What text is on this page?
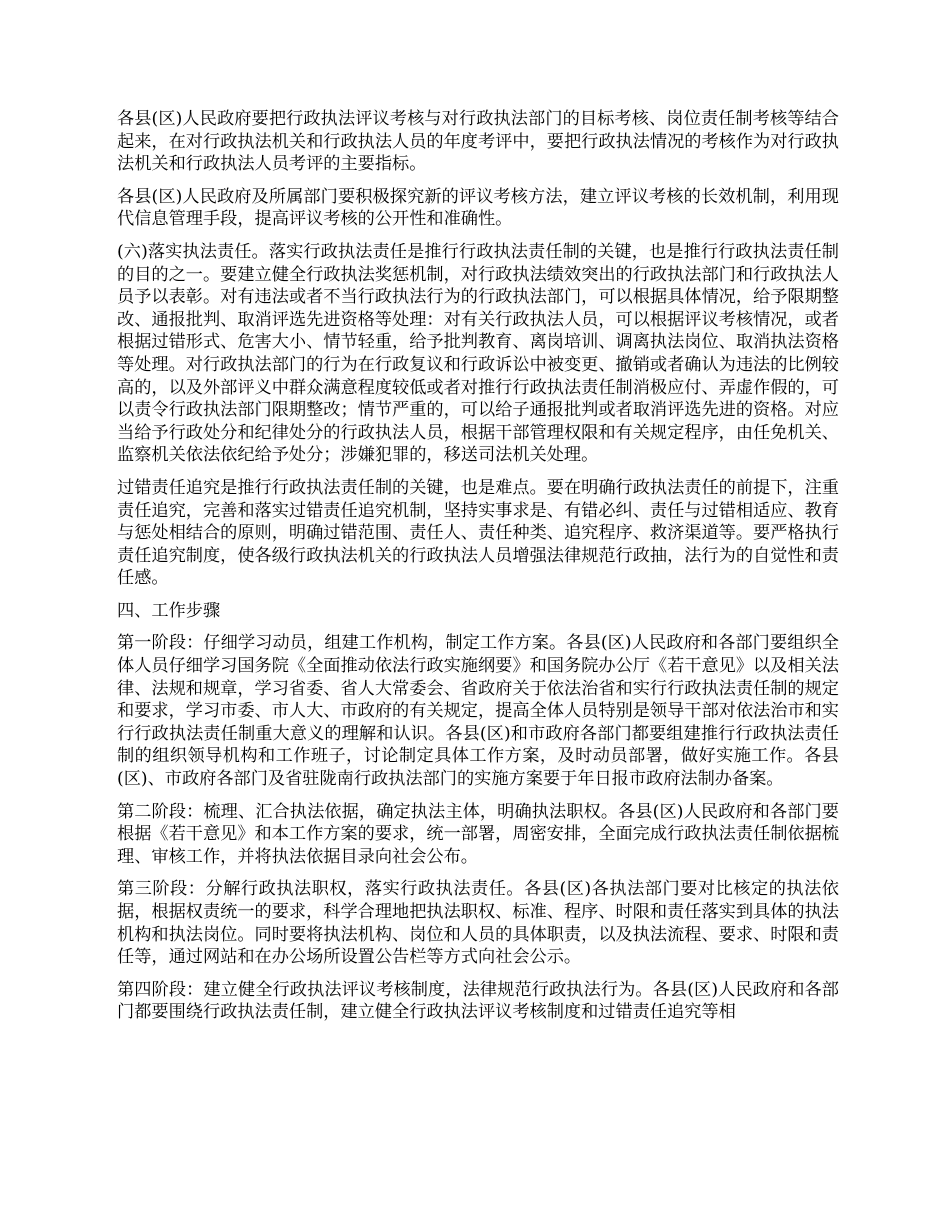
各县(区)人民政府要把行政执法评议考核与对行政执法部门的目标考核、岗位责任制考核等结合起来，在对行政执法机关和行政执法人员的年度考评中，要把行政执法情况的考核作为对行政执法机关和行政执法人员考评的主要指标。

各县(区)人民政府及所属部门要积极探究新的评议考核方法，建立评议考核的长效机制，利用现代信息管理手段，提高评议考核的公开性和准确性。

(六)落实执法责任。落实行政执法责任是推行行政执法责任制的关键，也是推行行政执法责任制的目的之一。要建立健全行政执法奖惩机制，对行政执法绩效突出的行政执法部门和行政执法人员予以表彰。对有违法或者不当行政执法行为的行政执法部门，可以根据具体情况，给予限期整改、通报批判、取消评选先进资格等处理：对有关行政执法人员，可以根据评议考核情况，或者根据过错形式、危害大小、情节轻重，给予批判教育、离岗培训、调离执法岗位、取消执法资格等处理。对行政执法部门的行为在行政复议和行政诉讼中被变更、撤销或者确认为违法的比例较高的，以及外部评义中群众满意程度较低或者对推行行政执法责任制消极应付、弄虚作假的，可以责令行政执法部门限期整改；情节严重的，可以给子通报批判或者取消评选先进的资格。对应当给予行政处分和纪律处分的行政执法人员，根据干部管理权限和有关规定程序，由任免机关、监察机关依法依纪给予处分；涉嫌犯罪的，移送司法机关处理。

过错责任追究是推行行政执法责任制的关键，也是难点。要在明确行政执法责任的前提下，注重责任追究，完善和落实过错责任追究机制，坚持实事求是、有错必纠、责任与过错相适应、教育与惩处相结合的原则，明确过错范围、责任人、责任种类、追究程序、救济渠道等。要严格执行责任追究制度，使各级行政执法机关的行政执法人员增强法律规范行政抽，法行为的自觉性和责任感。

四、工作步骤

第一阶段：仔细学习动员，组建工作机构，制定工作方案。各县(区)人民政府和各部门要组织全体人员仔细学习国务院《全面推动依法行政实施纲要》和国务院办公厅《若干意见》以及相关法律、法规和规章，学习省委、省人大常委会、省政府关于依法治省和实行行政执法责任制的规定和要求，学习市委、市人大、市政府的有关规定，提高全体人员特别是领导干部对依法治市和实行行政执法责任制重大意义的理解和认识。各县(区)和市政府各部门都要组建推行行政执法责任制的组织领导机构和工作班子，讨论制定具体工作方案，及时动员部署，做好实施工作。各县(区)、市政府各部门及省驻陇南行政执法部门的实施方案要于年日报市政府法制办备案。

第二阶段：梳理、汇合执法依据，确定执法主体，明确执法职权。各县(区)人民政府和各部门要根据《若干意见》和本工作方案的要求，统一部署，周密安排，全面完成行政执法责任制依据梳理、审核工作，并将执法依据目录向社会公布。

第三阶段：分解行政执法职权，落实行政执法责任。各县(区)各执法部门要对比核定的执法依据，根据权责统一的要求，科学合理地把执法职权、标准、程序、时限和责任落实到具体的执法机构和执法岗位。同时要将执法机构、岗位和人员的具体职责，以及执法流程、要求、时限和责任等，通过网站和在办公场所设置公告栏等方式向社会公示。

第四阶段：建立健全行政执法评议考核制度，法律规范行政执法行为。各县(区)人民政府和各部门都要围绕行政执法责任制，建立健全行政执法评议考核制度和过错责任追究等相
